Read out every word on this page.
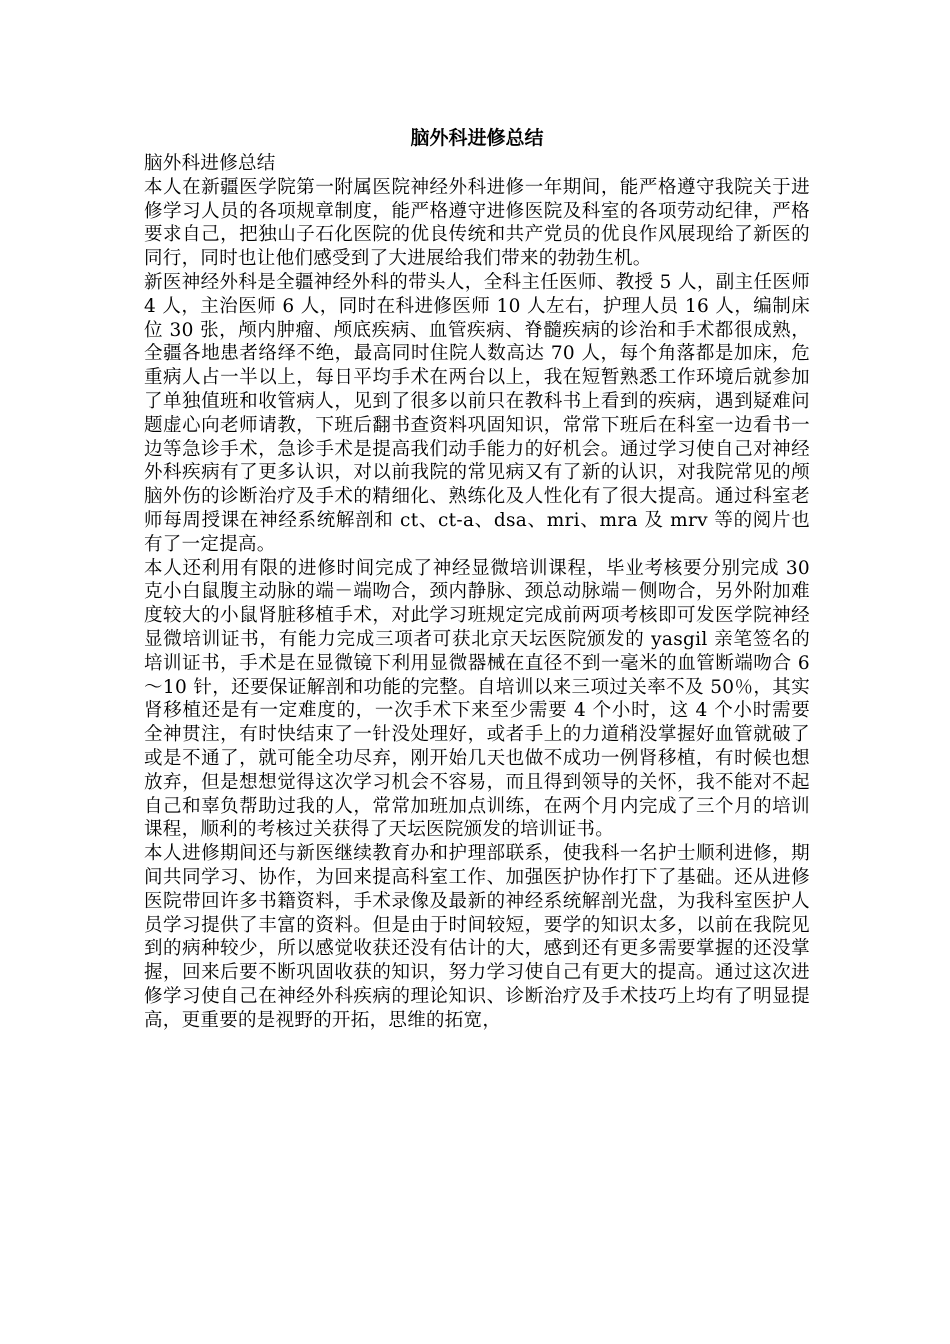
脑外科进修总结

脑外科进修总结

本人在新疆医学院第一附属医院神经外科进修一年期间，能严格遵守我院关于进修学习人员的各项规章制度，能严格遵守进修医院及科室的各项劳动纪律，严格要求自己，把独山子石化医院的优良传统和共产党员的优良作风展现给了新医的同行，同时也让他们感受到了大进展给我们带来的勃勃生机。

新医神经外科是全疆神经外科的带头人，全科主任医师、教授 5 人，副主任医师 4 人，主治医师 6 人，同时在科进修医师 10 人左右，护理人员 16 人，编制床位 30 张，颅内肿瘤、颅底疾病、血管疾病、脊髓疾病的诊治和手术都很成熟，全疆各地患者络绎不绝，最高同时住院人数高达 70 人，每个角落都是加床，危重病人占一半以上，每日平均手术在两台以上，我在短暂熟悉工作环境后就参加了单独值班和收管病人，见到了很多以前只在教科书上看到的疾病，遇到疑难问题虚心向老师请教，下班后翻书查资料巩固知识，常常下班后在科室一边看书一边等急诊手术，急诊手术是提高我们动手能力的好机会。通过学习使自己对神经外科疾病有了更多认识，对以前我院的常见病又有了新的认识，对我院常见的颅脑外伤的诊断治疗及手术的精细化、熟练化及人性化有了很大提高。通过科室老师每周授课在神经系统解剖和 ct、ct-a、dsa、mri、mra 及 mrv 等的阅片也有了一定提高。

本人还利用有限的进修时间完成了神经显微培训课程，毕业考核要分别完成 30 克小白鼠腹主动脉的端－端吻合，颈内静脉、颈总动脉端－侧吻合，另外附加难度较大的小鼠肾脏移植手术，对此学习班规定完成前两项考核即可发医学院神经显微培训证书，有能力完成三项者可获北京天坛医院颁发的 yasgil 亲笔签名的培训证书，手术是在显微镜下利用显微器械在直径不到一毫米的血管断端吻合 6～10 针，还要保证解剖和功能的完整。自培训以来三项过关率不及 50％，其实肾移植还是有一定难度的，一次手术下来至少需要 4 个小时，这 4 个小时需要全神贯注，有时快结束了一针没处理好，或者手上的力道稍没掌握好血管就破了或是不通了，就可能全功尽弃，刚开始几天也做不成功一例肾移植，有时候也想放弃，但是想想觉得这次学习机会不容易，而且得到领导的关怀，我不能对不起自己和辜负帮助过我的人，常常加班加点训练，在两个月内完成了三个月的培训课程，顺利的考核过关获得了天坛医院颁发的培训证书。

本人进修期间还与新医继续教育办和护理部联系，使我科一名护士顺利进修，期间共同学习、协作，为回来提高科室工作、加强医护协作打下了基础。还从进修医院带回许多书籍资料，手术录像及最新的神经系统解剖光盘，为我科室医护人员学习提供了丰富的资料。但是由于时间较短，要学的知识太多，以前在我院见到的病种较少，所以感觉收获还没有估计的大，感到还有更多需要掌握的还没掌握，回来后要不断巩固收获的知识，努力学习使自己有更大的提高。通过这次进修学习使自己在神经外科疾病的理论知识、诊断治疗及手术技巧上均有了明显提高，更重要的是视野的开拓，思维的拓宽，
